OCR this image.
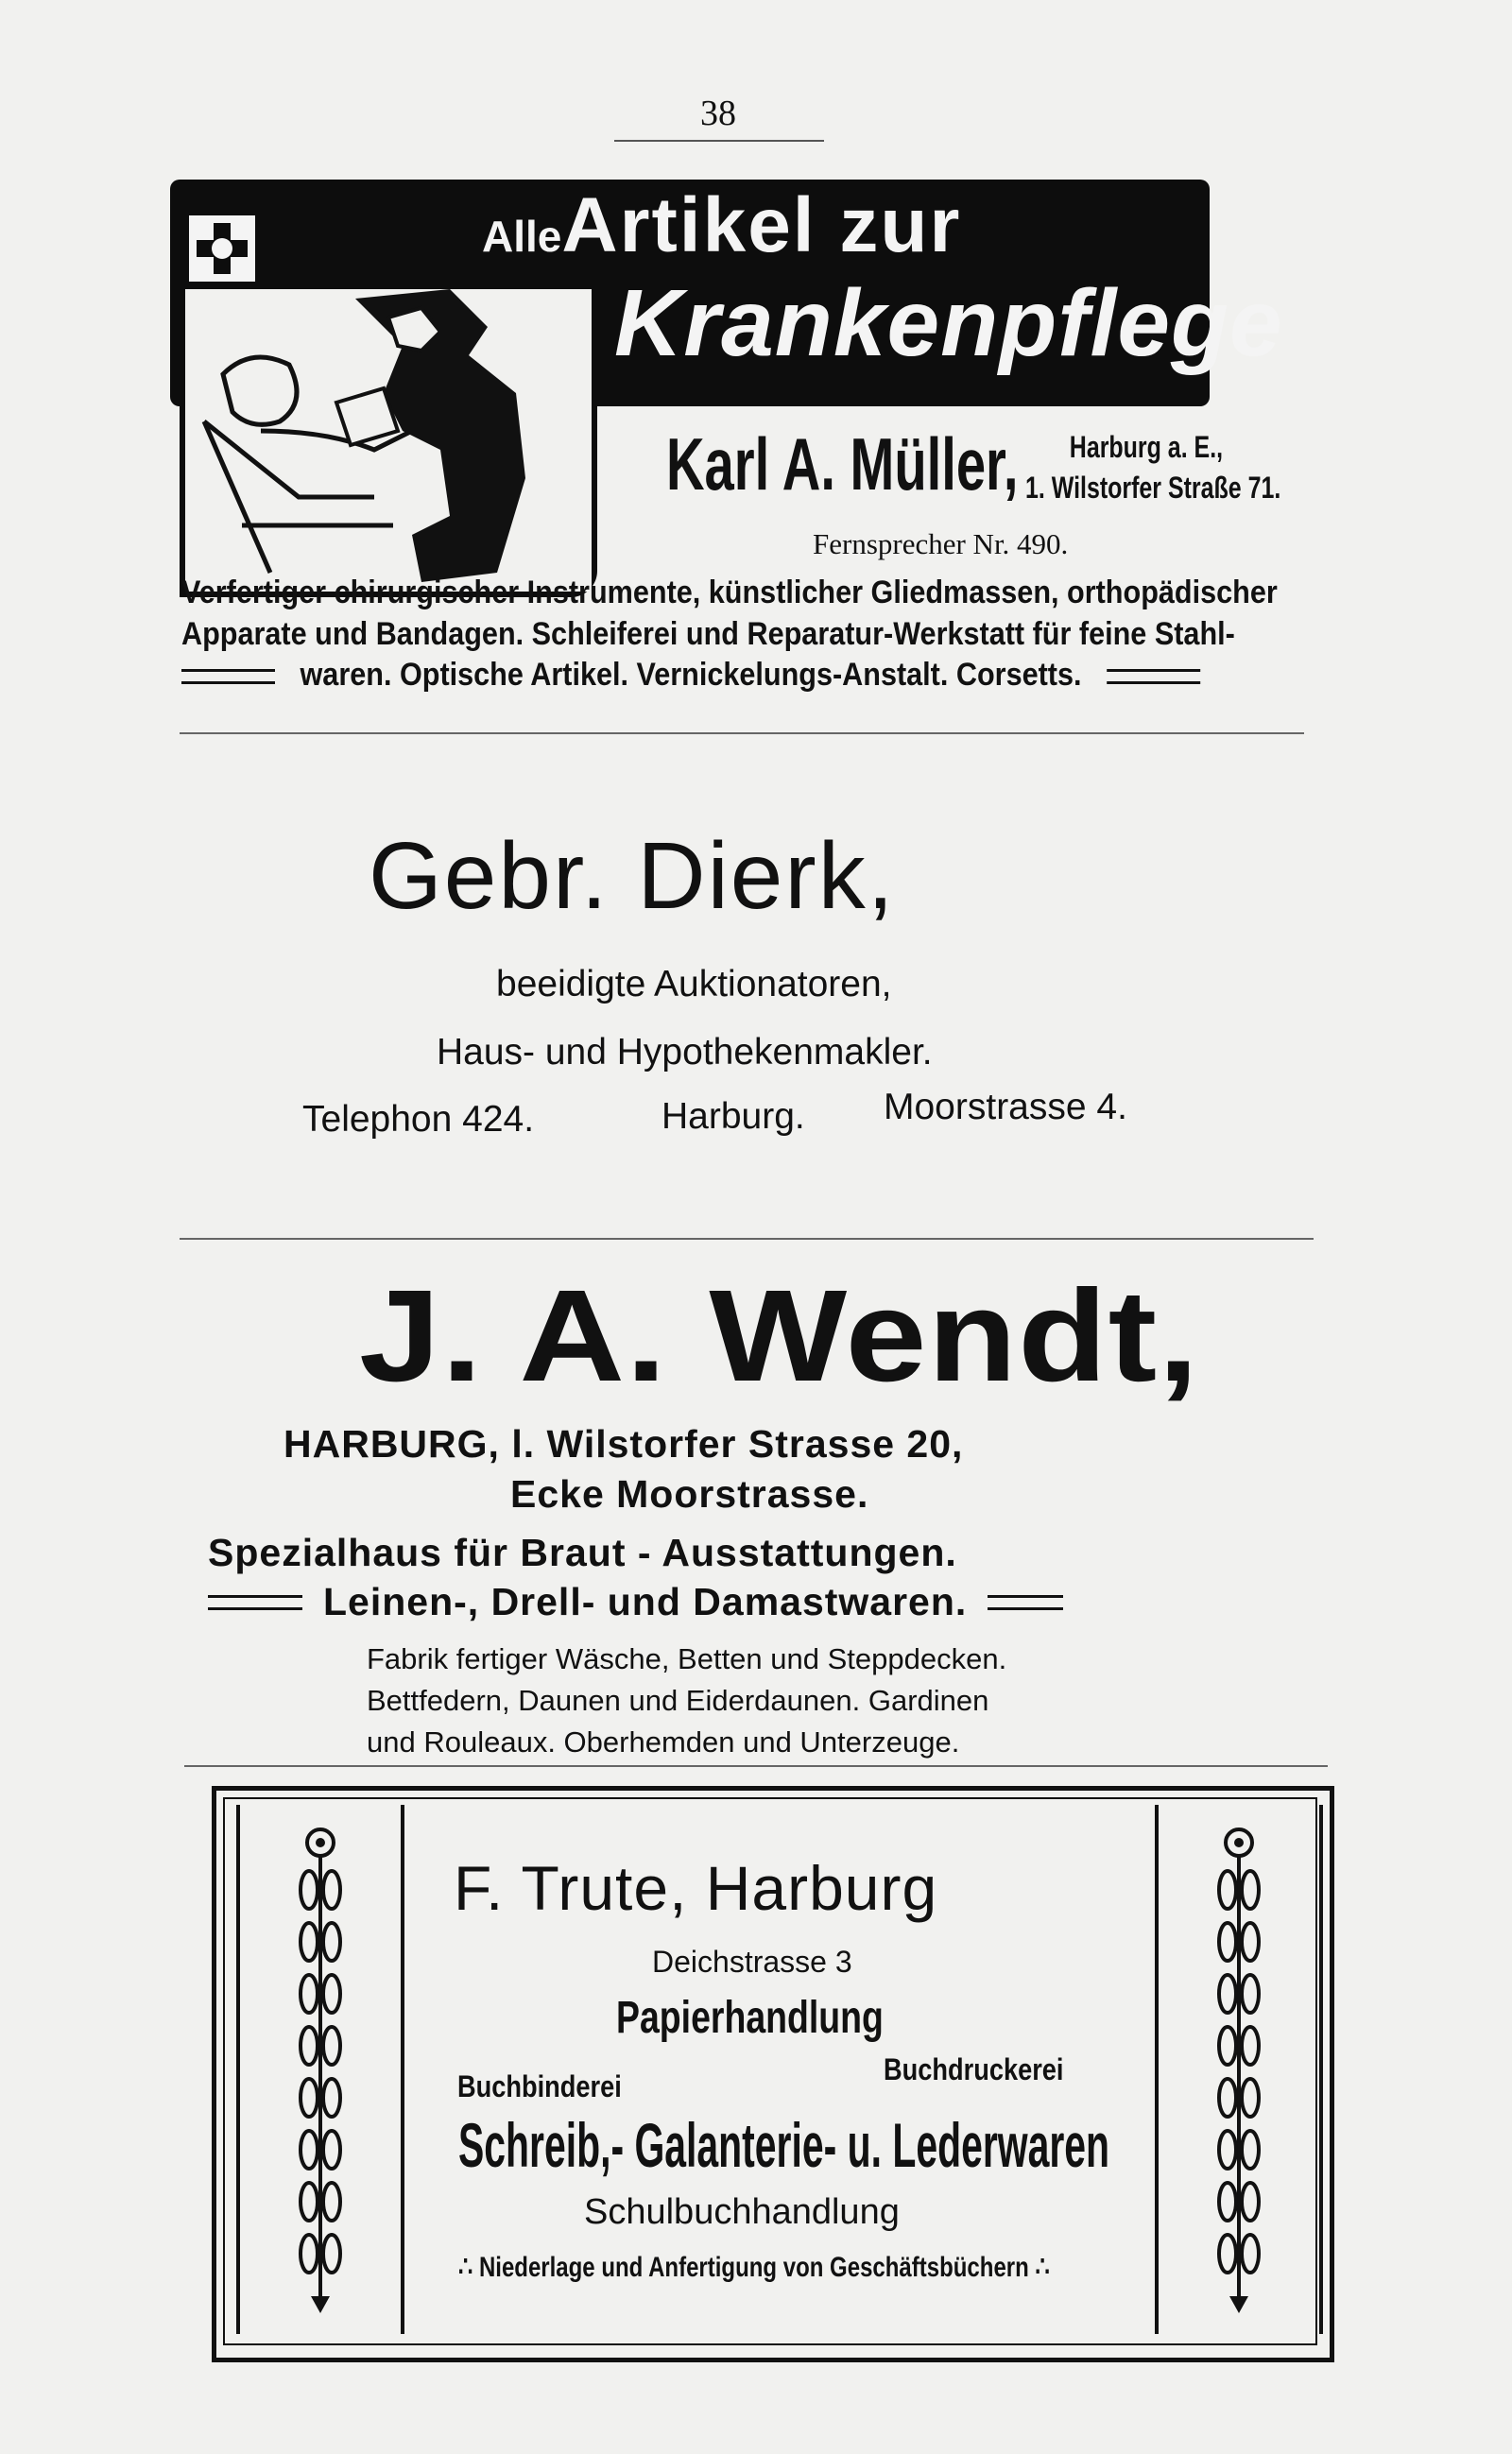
38
AlleArtikel zur
Krankenpflege
Karl A. Müller,	Harburg a. E.,
1. Wilstorfer Straße 71.
Fernsprecher Nr. 490.
Verfertiger chirurgischer Instrumente, künstlicher Gliedmassen, orthopädischer
Apparate und Bandagen. Schleiferei und Reparatur-Werkstatt für feine Stahl-
waren. Optische Artikel. Vernickelungs-Anstalt. Corsetts.
Gebr. Dierk,
beeidigte Auktionatoren,
Haus- und Hypothekenmakler.
Telephon 424.	Harburg. Moorstrasse 4.
J. A. Wendt,
HARBURG, l. Wilstorfer Strasse 20,
Ecke Moorstrasse.
Spezialhaus für Braut - Ausstattungen.
Leinen-, Drell- und Damastwaren.
Fabrik fertiger Wäsche, Betten und Steppdecken.
Bettfedern, Daunen und Eiderdaunen. Gardinen
und Rouleaux. Oberhemden und Unterzeuge.
F. Trute, Harburg
Deichstrasse 3
Papierhandlung
Buchbinderei	Buchdruckerei
Schreib,- Galanterie- u. Lederwaren
Schulbuchhandlung
∴ Niederlage und Anfertigung von Geschäftsbüchern ∴
